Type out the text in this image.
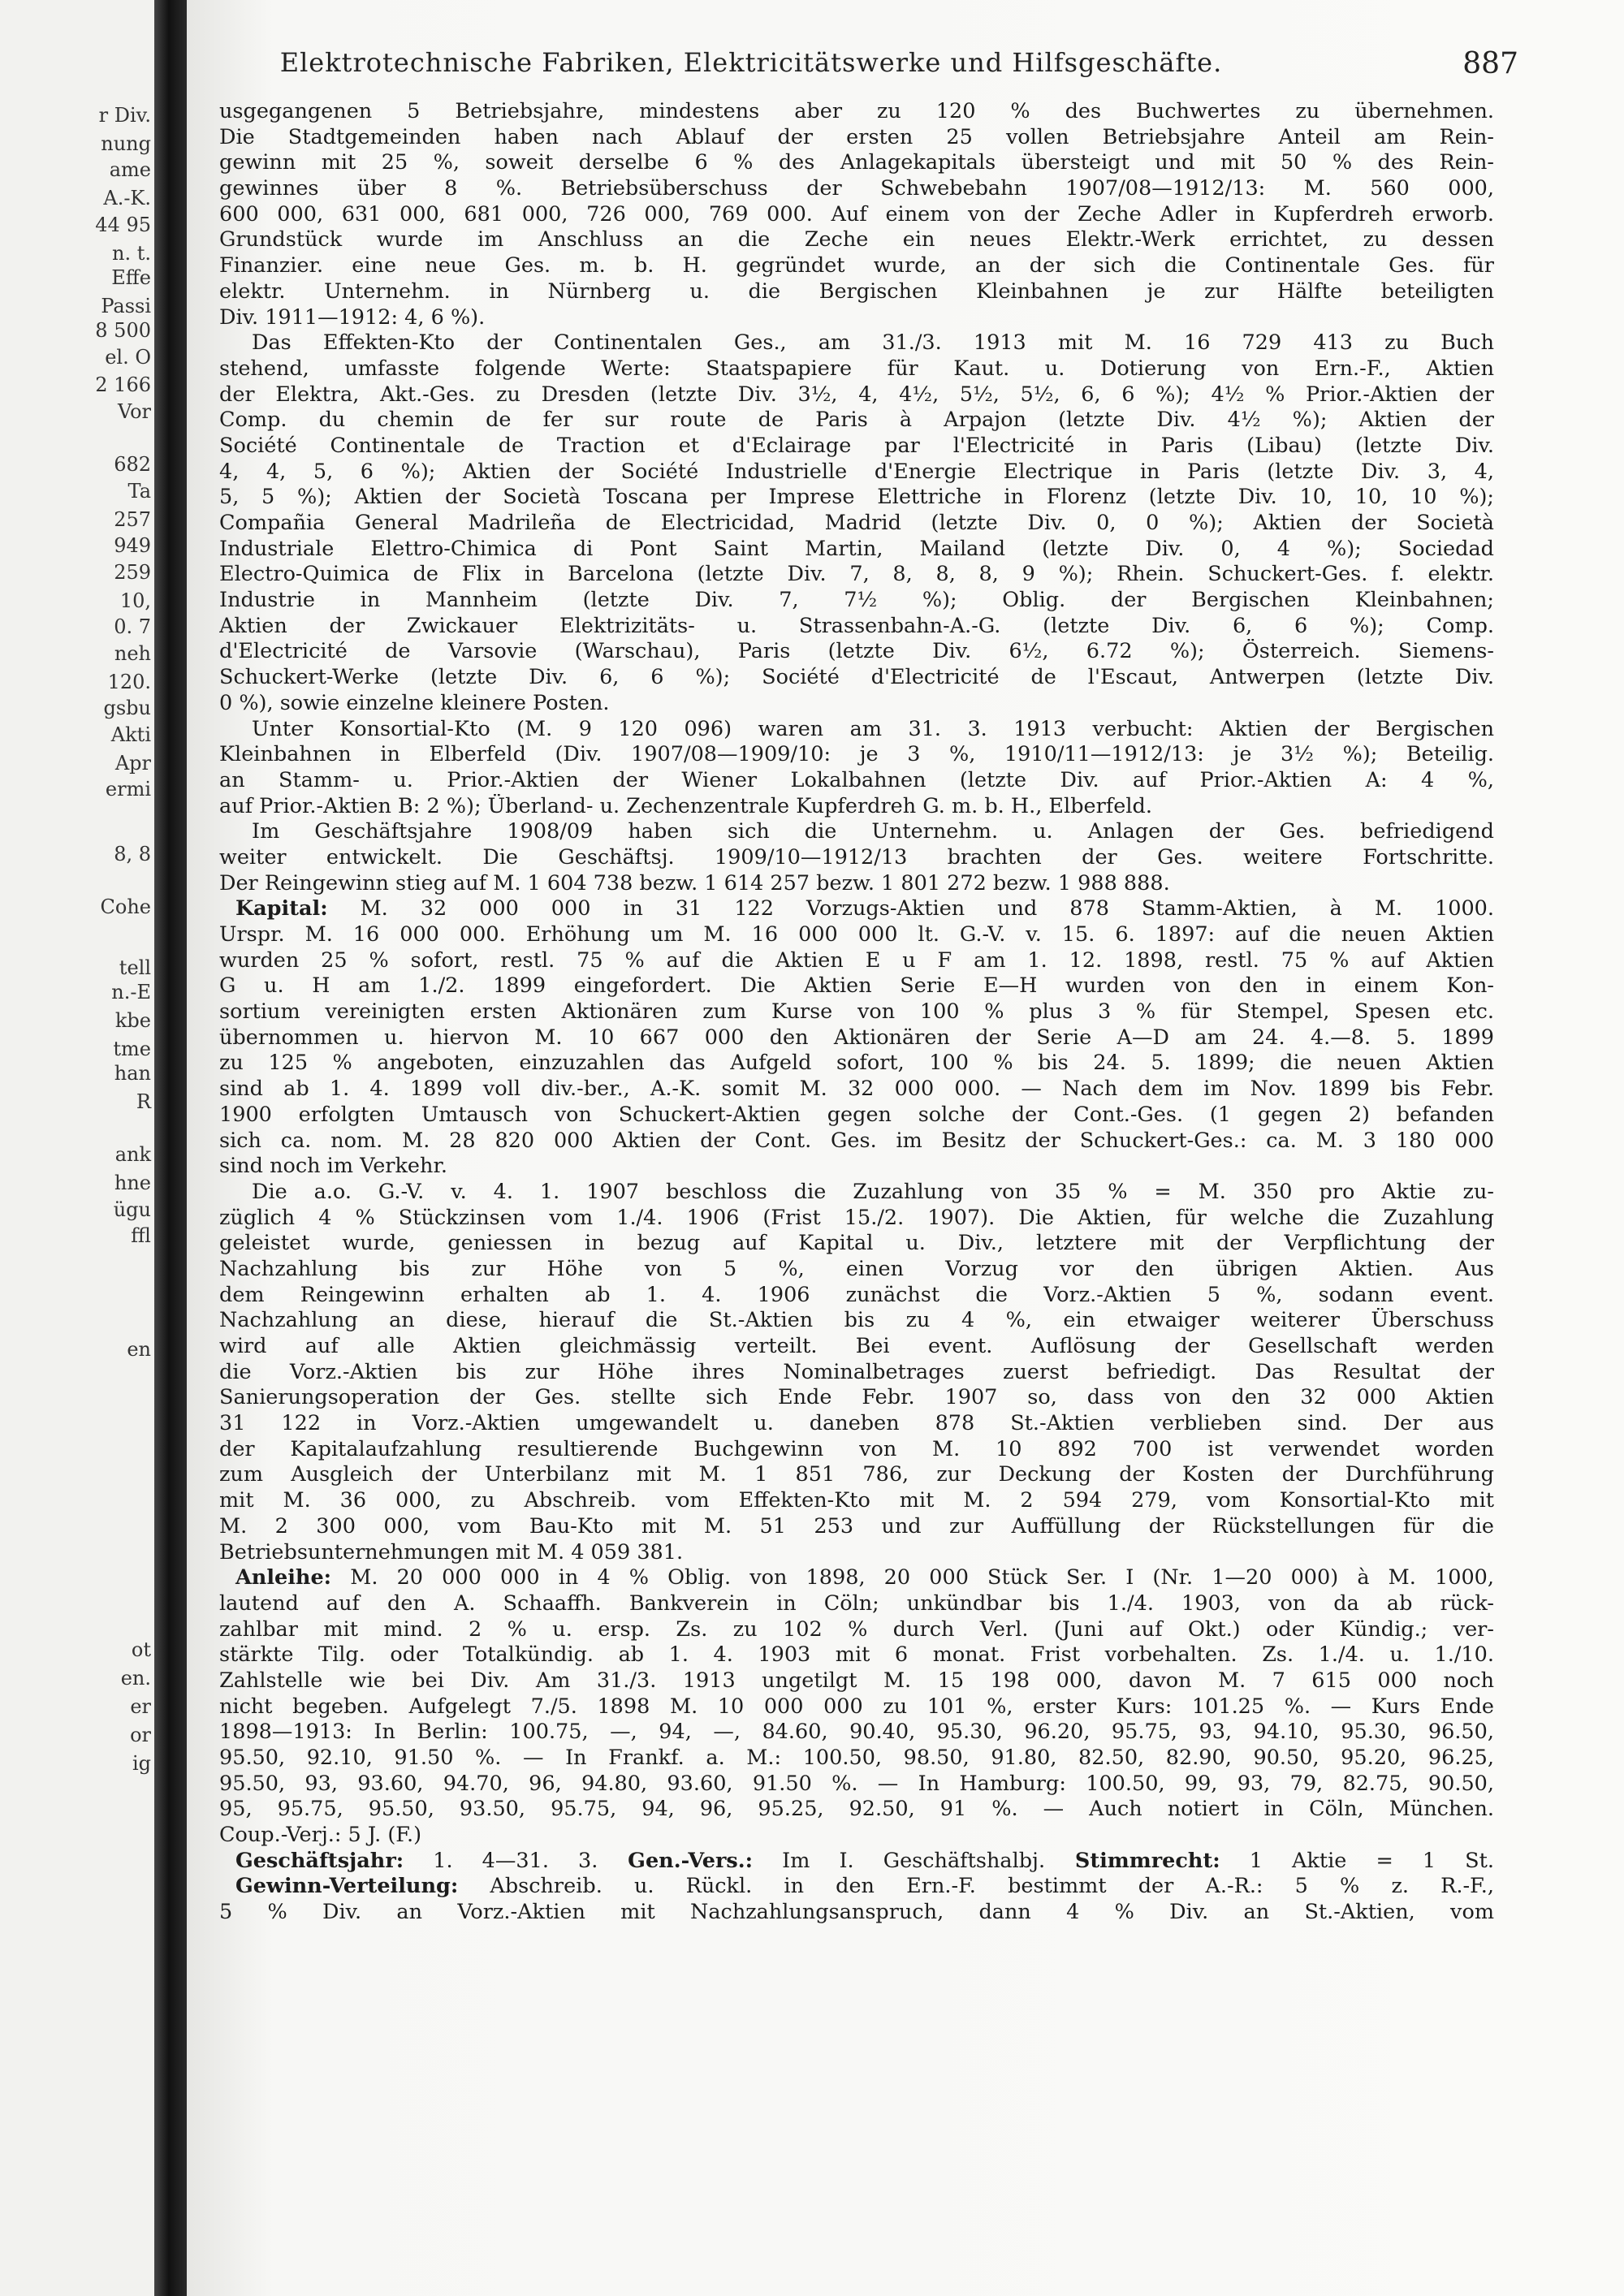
r Div.
nung
ame
A.-K.
44 95
n. t.
Effe
Passi
8 500
el. O
2 166
Vor
682
Ta
257
949
259
10,
0. 7
neh
120.
gsbu
Akti
Apr
ermi
8, 8
Cohe
tell
n.-E
kbe
tme
han
R
ank
hne
ügu
ffl
en
ot
en.
er
or
ig
Elektrotechnische Fabriken, Elektricitätswerke und Hilfsgeschäfte.	887
usgegangenen 5 Betriebsjahre, mindestens aber zu 120 % des Buchwertes zu übernehmen.
Die Stadtgemeinden haben nach Ablauf der ersten 25 vollen Betriebsjahre Anteil am Rein-
gewinn mit 25 %, soweit derselbe 6 % des Anlagekapitals übersteigt und mit 50 % des Rein-
gewinnes über 8 %. Betriebsüberschuss der Schwebebahn 1907/08—1912/13: M. 560 000,
600 000, 631 000, 681 000, 726 000, 769 000. Auf einem von der Zeche Adler in Kupferdreh erworb.
Grundstück wurde im Anschluss an die Zeche ein neues Elektr.-Werk errichtet, zu dessen
Finanzier. eine neue Ges. m. b. H. gegründet wurde, an der sich die Continentale Ges. für
elektr. Unternehm. in Nürnberg u. die Bergischen Kleinbahnen je zur Hälfte beteiligten
Div. 1911—1912: 4, 6 %).
Das Effekten-Kto der Continentalen Ges., am 31./3. 1913 mit M. 16 729 413 zu Buch
stehend, umfasste folgende Werte: Staatspapiere für Kaut. u. Dotierung von Ern.-F., Aktien
der Elektra, Akt.-Ges. zu Dresden (letzte Div. 3½, 4, 4½, 5½, 5½, 6, 6 %); 4½ % Prior.-Aktien der
Comp. du chemin de fer sur route de Paris à Arpajon (letzte Div. 4½ %); Aktien der
Société Continentale de Traction et d'Eclairage par l'Electricité in Paris (Libau) (letzte Div.
4, 4, 5, 6 %); Aktien der Société Industrielle d'Energie Electrique in Paris (letzte Div. 3, 4,
5, 5 %); Aktien der Società Toscana per Imprese Elettriche in Florenz (letzte Div. 10, 10, 10 %);
Compañia General Madrileña de Electricidad, Madrid (letzte Div. 0, 0 %); Aktien der Società
Industriale Elettro-Chimica di Pont Saint Martin, Mailand (letzte Div. 0, 4 %); Sociedad
Electro-Quimica de Flix in Barcelona (letzte Div. 7, 8, 8, 8, 9 %); Rhein. Schuckert-Ges. f. elektr.
Industrie in Mannheim (letzte Div. 7, 7½ %); Oblig. der Bergischen Kleinbahnen;
Aktien der Zwickauer Elektrizitäts- u. Strassenbahn-A.-G. (letzte Div. 6, 6 %); Comp.
d'Electricité de Varsovie (Warschau), Paris (letzte Div. 6½, 6.72 %); Österreich. Siemens-
Schuckert-Werke (letzte Div. 6, 6 %); Société d'Electricité de l'Escaut, Antwerpen (letzte Div.
0 %), sowie einzelne kleinere Posten.
Unter Konsortial-Kto (M. 9 120 096) waren am 31. 3. 1913 verbucht: Aktien der Bergischen
Kleinbahnen in Elberfeld (Div. 1907/08—1909/10: je 3 %, 1910/11—1912/13: je 3½ %); Beteilig.
an Stamm- u. Prior.-Aktien der Wiener Lokalbahnen (letzte Div. auf Prior.-Aktien A: 4 %,
auf Prior.-Aktien B: 2 %); Überland- u. Zechenzentrale Kupferdreh G. m. b. H., Elberfeld.
Im Geschäftsjahre 1908/09 haben sich die Unternehm. u. Anlagen der Ges. befriedigend
weiter entwickelt. Die Geschäftsj. 1909/10—1912/13 brachten der Ges. weitere Fortschritte.
Der Reingewinn stieg auf M. 1 604 738 bezw. 1 614 257 bezw. 1 801 272 bezw. 1 988 888.
Kapital: M. 32 000 000 in 31 122 Vorzugs-Aktien und 878 Stamm-Aktien, à M. 1000.
Urspr. M. 16 000 000. Erhöhung um M. 16 000 000 lt. G.-V. v. 15. 6. 1897: auf die neuen Aktien
wurden 25 % sofort, restl. 75 % auf die Aktien E u F am 1. 12. 1898, restl. 75 % auf Aktien
G u. H am 1./2. 1899 eingefordert. Die Aktien Serie E—H wurden von den in einem Kon-
sortium vereinigten ersten Aktionären zum Kurse von 100 % plus 3 % für Stempel, Spesen etc.
übernommen u. hiervon M. 10 667 000 den Aktionären der Serie A—D am 24. 4.—8. 5. 1899
zu 125 % angeboten, einzuzahlen das Aufgeld sofort, 100 % bis 24. 5. 1899; die neuen Aktien
sind ab 1. 4. 1899 voll div.-ber., A.-K. somit M. 32 000 000. — Nach dem im Nov. 1899 bis Febr.
1900 erfolgten Umtausch von Schuckert-Aktien gegen solche der Cont.-Ges. (1 gegen 2) befanden
sich ca. nom. M. 28 820 000 Aktien der Cont. Ges. im Besitz der Schuckert-Ges.: ca. M. 3 180 000
sind noch im Verkehr.
Die a.o. G.-V. v. 4. 1. 1907 beschloss die Zuzahlung von 35 % = M. 350 pro Aktie zu-
züglich 4 % Stückzinsen vom 1./4. 1906 (Frist 15./2. 1907). Die Aktien, für welche die Zuzahlung
geleistet wurde, geniessen in bezug auf Kapital u. Div., letztere mit der Verpflichtung der
Nachzahlung bis zur Höhe von 5 %, einen Vorzug vor den übrigen Aktien. Aus
dem Reingewinn erhalten ab 1. 4. 1906 zunächst die Vorz.-Aktien 5 %, sodann event.
Nachzahlung an diese, hierauf die St.-Aktien bis zu 4 %, ein etwaiger weiterer Überschuss
wird auf alle Aktien gleichmässig verteilt. Bei event. Auflösung der Gesellschaft werden
die Vorz.-Aktien bis zur Höhe ihres Nominalbetrages zuerst befriedigt. Das Resultat der
Sanierungsoperation der Ges. stellte sich Ende Febr. 1907 so, dass von den 32 000 Aktien
31 122 in Vorz.-Aktien umgewandelt u. daneben 878 St.-Aktien verblieben sind. Der aus
der Kapitalaufzahlung resultierende Buchgewinn von M. 10 892 700 ist verwendet worden
zum Ausgleich der Unterbilanz mit M. 1 851 786, zur Deckung der Kosten der Durchführung
mit M. 36 000, zu Abschreib. vom Effekten-Kto mit M. 2 594 279, vom Konsortial-Kto mit
M. 2 300 000, vom Bau-Kto mit M. 51 253 und zur Auffüllung der Rückstellungen für die
Betriebsunternehmungen mit M. 4 059 381.
Anleihe: M. 20 000 000 in 4 % Oblig. von 1898, 20 000 Stück Ser. I (Nr. 1—20 000) à M. 1000,
lautend auf den A. Schaaffh. Bankverein in Cöln; unkündbar bis 1./4. 1903, von da ab rück-
zahlbar mit mind. 2 % u. ersp. Zs. zu 102 % durch Verl. (Juni auf Okt.) oder Kündig.; ver-
stärkte Tilg. oder Totalkündig. ab 1. 4. 1903 mit 6 monat. Frist vorbehalten. Zs. 1./4. u. 1./10.
Zahlstelle wie bei Div. Am 31./3. 1913 ungetilgt M. 15 198 000, davon M. 7 615 000 noch
nicht begeben. Aufgelegt 7./5. 1898 M. 10 000 000 zu 101 %, erster Kurs: 101.25 %. — Kurs Ende
1898—1913: In Berlin: 100.75, —, 94, —, 84.60, 90.40, 95.30, 96.20, 95.75, 93, 94.10, 95.30, 96.50,
95.50, 92.10, 91.50 %. — In Frankf. a. M.: 100.50, 98.50, 91.80, 82.50, 82.90, 90.50, 95.20, 96.25,
95.50, 93, 93.60, 94.70, 96, 94.80, 93.60, 91.50 %. — In Hamburg: 100.50, 99, 93, 79, 82.75, 90.50,
95, 95.75, 95.50, 93.50, 95.75, 94, 96, 95.25, 92.50, 91 %. — Auch notiert in Cöln, München.
Coup.-Verj.: 5 J. (F.)
Geschäftsjahr: 1. 4—31. 3. Gen.-Vers.: Im I. Geschäftshalbj. Stimmrecht: 1 Aktie = 1 St.
Gewinn-Verteilung: Abschreib. u. Rückl. in den Ern.-F. bestimmt der A.-R.: 5 % z. R.-F.,
5 % Div. an Vorz.-Aktien mit Nachzahlungsanspruch, dann 4 % Div. an St.-Aktien, vom
